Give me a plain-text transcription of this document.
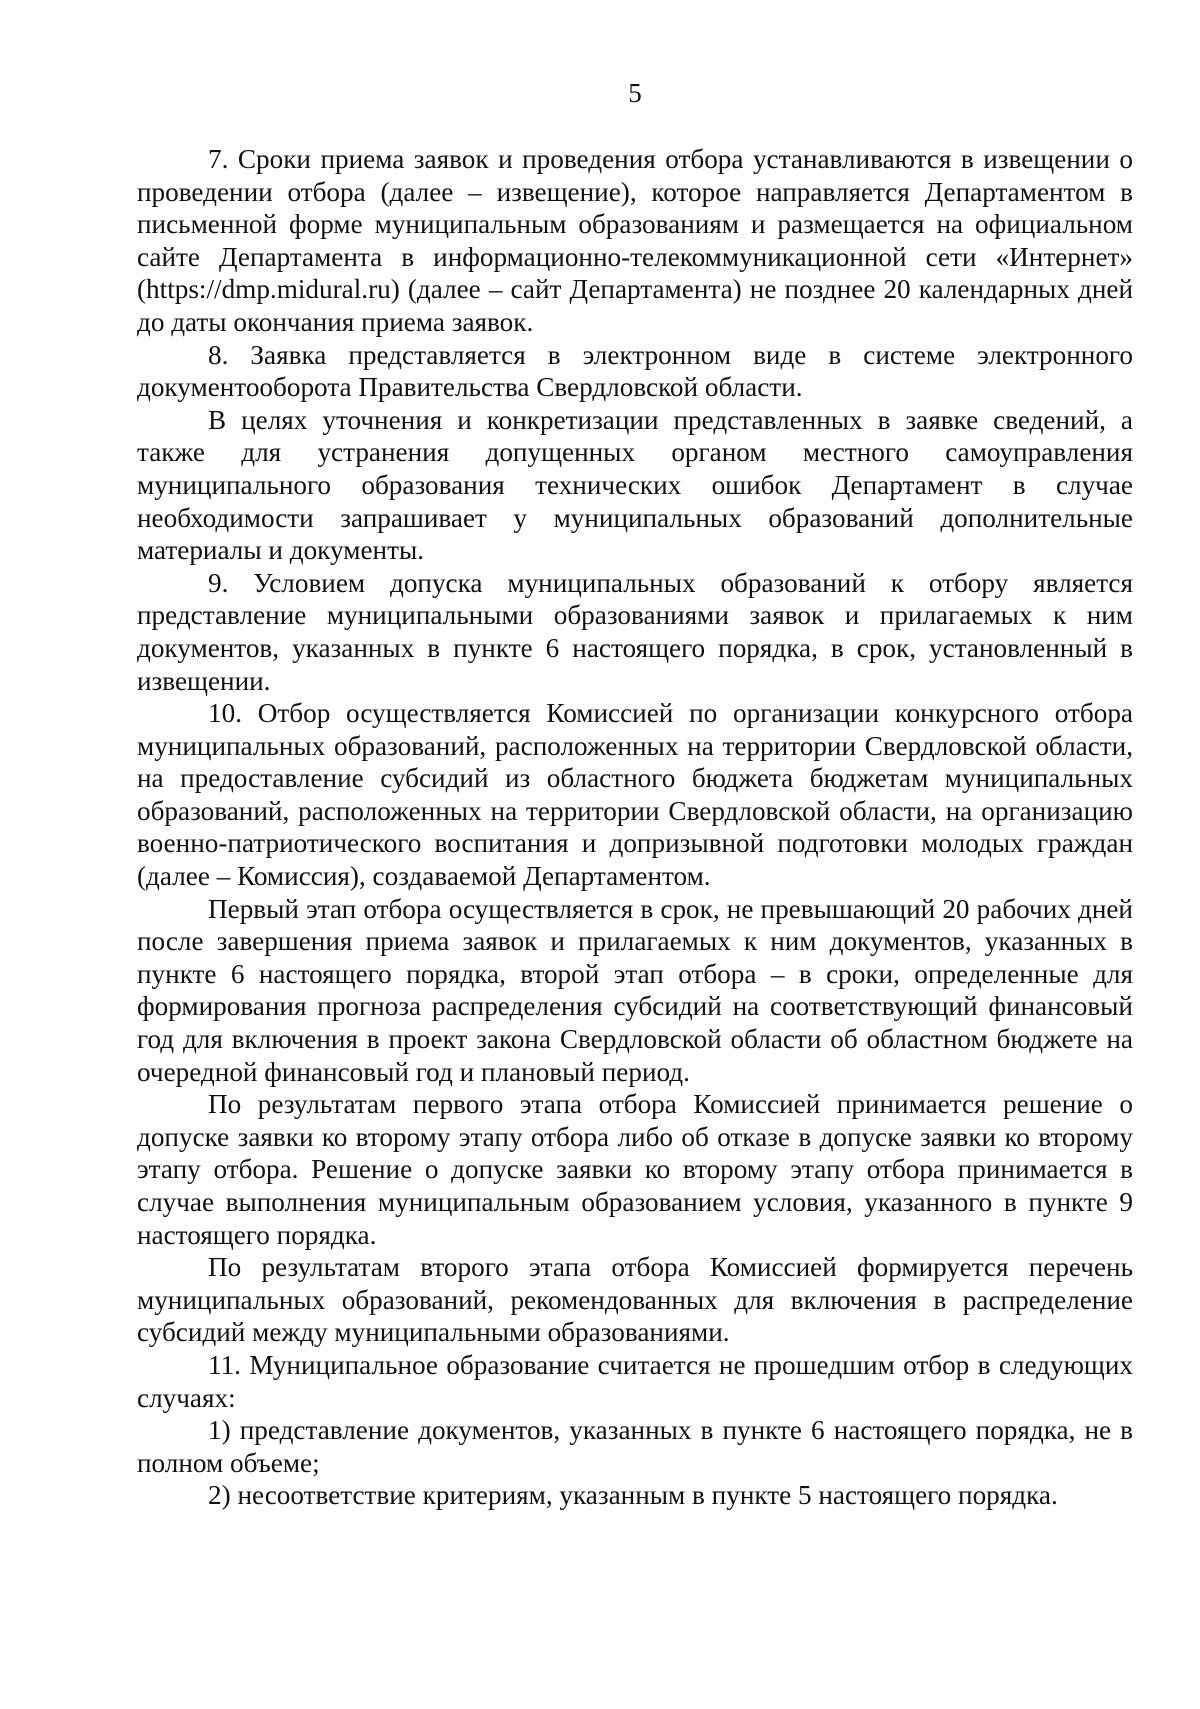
5

7. Сроки приема заявок и проведения отбора устанавливаются в извещении о проведении отбора (далее – извещение), которое направляется Департаментом в письменной форме муниципальным образованиям и размещается на официальном сайте Департамента в информационно-телекоммуникационной сети «Интернет» (https://dmp.midural.ru) (далее – сайт Департамента) не позднее 20 календарных дней до даты окончания приема заявок.

8. Заявка представляется в электронном виде в системе электронного документооборота Правительства Свердловской области.

В целях уточнения и конкретизации представленных в заявке сведений, а также для устранения допущенных органом местного самоуправления муниципального образования технических ошибок Департамент в случае необходимости запрашивает у муниципальных образований дополнительные материалы и документы.

9. Условием допуска муниципальных образований к отбору является представление муниципальными образованиями заявок и прилагаемых к ним документов, указанных в пункте 6 настоящего порядка, в срок, установленный в извещении.

10. Отбор осуществляется Комиссией по организации конкурсного отбора муниципальных образований, расположенных на территории Свердловской области, на предоставление субсидий из областного бюджета бюджетам муниципальных образований, расположенных на территории Свердловской области, на организацию военно-патриотического воспитания и допризывной подготовки молодых граждан (далее – Комиссия), создаваемой Департаментом.

Первый этап отбора осуществляется в срок, не превышающий 20 рабочих дней после завершения приема заявок и прилагаемых к ним документов, указанных в пункте 6 настоящего порядка, второй этап отбора – в сроки, определенные для формирования прогноза распределения субсидий на соответствующий финансовый год для включения в проект закона Свердловской области об областном бюджете на очередной финансовый год и плановый период.

По результатам первого этапа отбора Комиссией принимается решение о допуске заявки ко второму этапу отбора либо об отказе в допуске заявки ко второму этапу отбора. Решение о допуске заявки ко второму этапу отбора принимается в случае выполнения муниципальным образованием условия, указанного в пункте 9 настоящего порядка.

По результатам второго этапа отбора Комиссией формируется перечень муниципальных образований, рекомендованных для включения в распределение субсидий между муниципальными образованиями.

11. Муниципальное образование считается не прошедшим отбор в следующих случаях:

1) представление документов, указанных в пункте 6 настоящего порядка, не в полном объеме;

2) несоответствие критериям, указанным в пункте 5 настоящего порядка.
